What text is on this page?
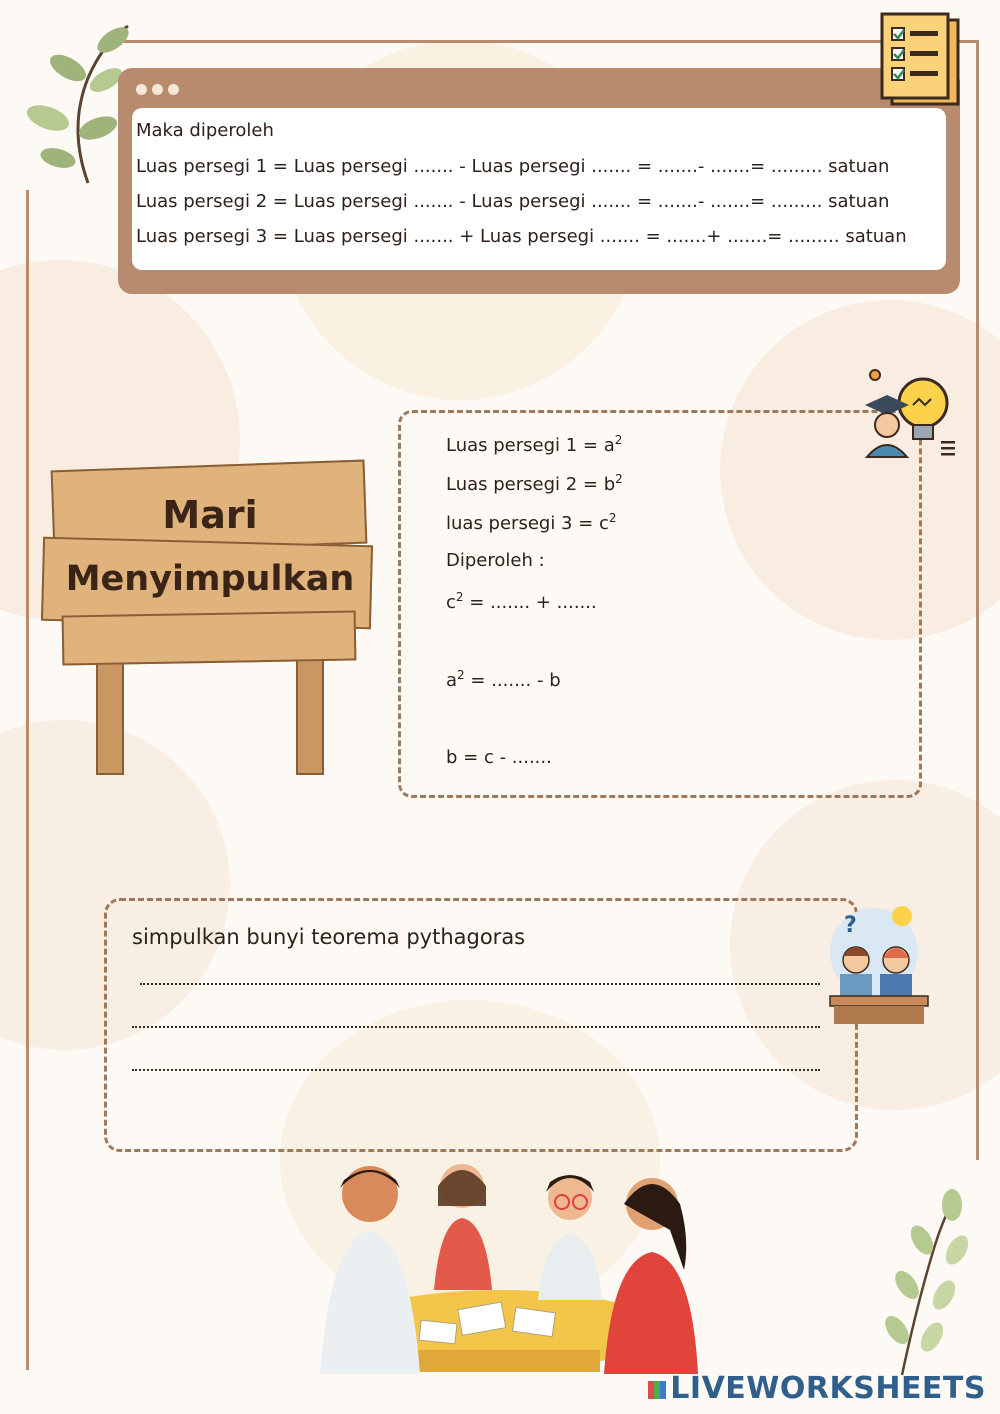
Maka diperoleh
Luas persegi 1 = Luas persegi ....... - Luas persegi ....... = .......- .......= ......... satuan
Luas persegi 2 = Luas persegi ....... - Luas persegi ....... = .......- .......= ......... satuan
Luas persegi 3 = Luas persegi ....... + Luas persegi ....... = .......+ .......= ......... satuan
Mari
Menyimpulkan
Luas persegi $1 = a^2$
Luas persegi $2 = b^2$
luas persegi $3 = c^2$
Diperoleh :
$c^2$ = ....... + .......
$a^2$ = ....... - b
b = c - .......
simpulkan bunyi teorema pythagoras	?
LIVEWORKSHEETS
